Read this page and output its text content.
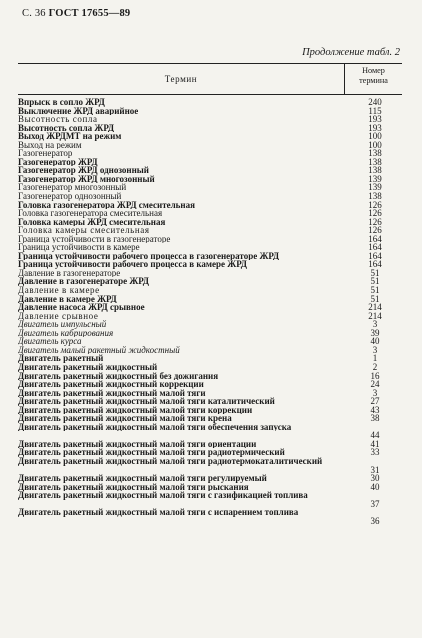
С. 36 ГОСТ 17655—89
Продолжение табл. 2
Термин
Номер
термина
Впрыск в сопло ЖРД	240
Выключение ЖРД аварийное	115
Высотность сопла	193
Высотность сопла ЖРД	193
Выход ЖРДМТ на режим	100
Выход на режим	100
Газогенератор	138
Газогенератор ЖРД	138
Газогенератор ЖРД однозонный	138
Газогенератор ЖРД многозонный	139
Газогенератор многозонный	139
Газогенератор однозонный	138
Головка газогенератора ЖРД смесительная	126
Головка газогенератора смесительная	126
Головка камеры ЖРД смесительная	126
Головка камеры смесительная	126
Граница устойчивости в газогенераторе	164
Граница устойчивости в камере	164
Граница устойчивости рабочего процесса в газогенераторе ЖРД	164
Граница устойчивости рабочего процесса в камере ЖРД	164
Давление в газогенераторе	51
Давление в газогенераторе ЖРД	51
Давление в камере	51
Давление в камере ЖРД	51
Давление насоса ЖРД срывное	214
Давление срывное	214
Двигатель импульсный	3
Двигатель кабрирования	39
Двигатель курса	40
Двигатель малый ракетный жидкостный	3
Двигатель ракетный	1
Двигатель ракетный жидкостный	2
Двигатель ракетный жидкостный без дожигания	16
Двигатель ракетный жидкостный коррекции	24
Двигатель ракетный жидкостный малой тяги	3
Двигатель ракетный жидкостный малой тяги каталитический	27
Двигатель ракетный жидкостный малой тяги коррекции	43
Двигатель ракетный жидкостный малой тяги крена	38
Двигатель ракетный жидкостный малой тяги обеспечения запуска
44
Двигатель ракетный жидкостный малой тяги ориентации	41
Двигатель ракетный жидкостный малой тяги радиотермический	33
Двигатель ракетный жидкостный малой тяги радиотермокаталитический
31
Двигатель ракетный жидкостный малой тяги регулируемый	30
Двигатель ракетный жидкостный малой тяги рыскания	40
Двигатель ракетный жидкостный малой тяги с газификацией топлива
37
Двигатель ракетный жидкостный малой тяги с испарением топлива
36
